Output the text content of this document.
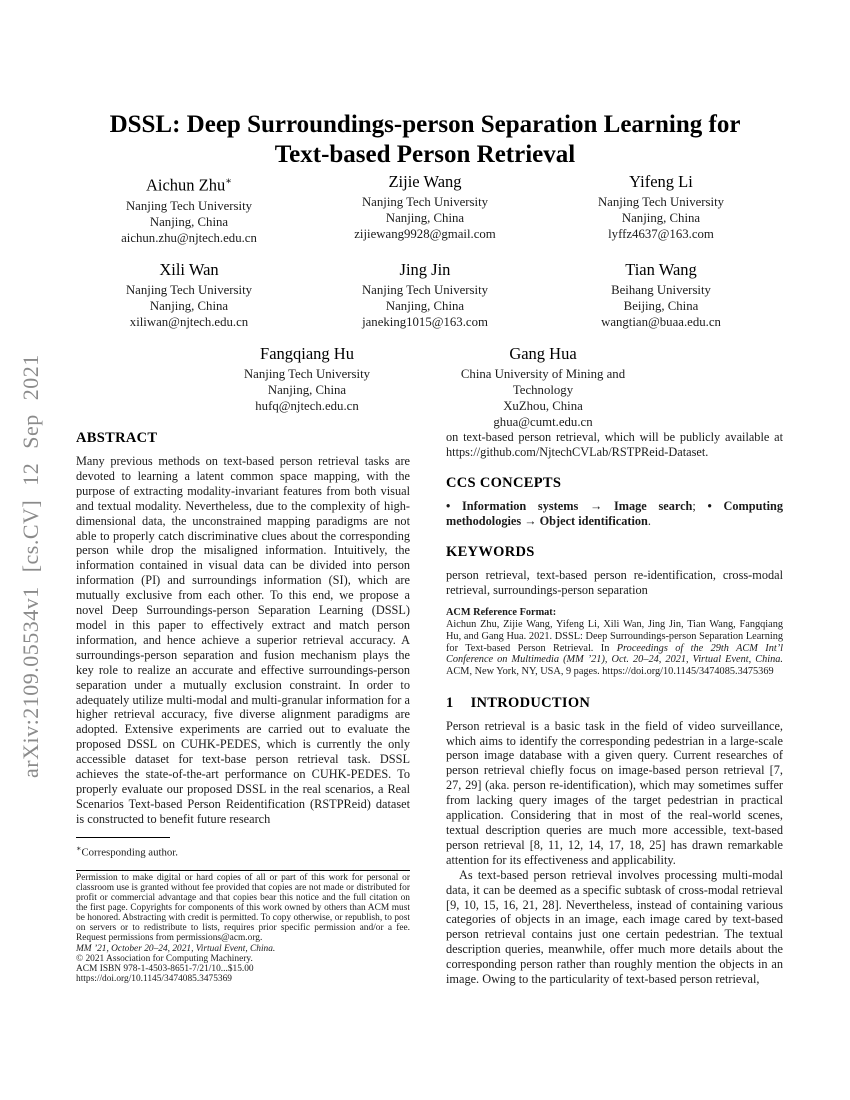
arXiv:2109.05534v1 [cs.CV] 12 Sep 2021
DSSL: Deep Surroundings-person Separation Learning for
Text-based Person Retrieval
Aichun Zhu∗
Nanjing Tech University
Nanjing, China
aichun.zhu@njtech.edu.cn
Zijie Wang
Nanjing Tech University
Nanjing, China
zijiewang9928@gmail.com
Yifeng Li
Nanjing Tech University
Nanjing, China
lyffz4637@163.com
Xili Wan
Nanjing Tech University
Nanjing, China
xiliwan@njtech.edu.cn
Jing Jin
Nanjing Tech University
Nanjing, China
janeking1015@163.com
Tian Wang
Beihang University
Beijing, China
wangtian@buaa.edu.cn
Fangqiang Hu
Nanjing Tech University
Nanjing, China
hufq@njtech.edu.cn
Gang Hua
China University of Mining and Technology
XuZhou, China
ghua@cumt.edu.cn
ABSTRACT

Many previous methods on text-based person retrieval tasks are devoted to learning a latent common space mapping, with the purpose of extracting modality-invariant features from both visual and textual modality. Nevertheless, due to the complexity of high-dimensional data, the unconstrained mapping paradigms are not able to properly catch discriminative clues about the corresponding person while drop the misaligned information. Intuitively, the information contained in visual data can be divided into person information (PI) and surroundings information (SI), which are mutually exclusive from each other. To this end, we propose a novel Deep Surroundings-person Separation Learning (DSSL) model in this paper to effectively extract and match person information, and hence achieve a superior retrieval accuracy. A surroundings-person separation and fusion mechanism plays the key role to realize an accurate and effective surroundings-person separation under a mutually exclusion constraint. In order to adequately utilize multi-modal and multi-granular information for a higher retrieval accuracy, five diverse alignment paradigms are adopted. Extensive experiments are carried out to evaluate the proposed DSSL on CUHK-PEDES, which is currently the only accessible dataset for text-base person retrieval task. DSSL achieves the state-of-the-art performance on CUHK-PEDES. To properly evaluate our proposed DSSL in the real scenarios, a Real Scenarios Text-based Person Reidentification (RSTPReid) dataset is constructed to benefit future research

∗Corresponding author.

Permission to make digital or hard copies of all or part of this work for personal or classroom use is granted without fee provided that copies are not made or distributed for profit or commercial advantage and that copies bear this notice and the full citation on the first page. Copyrights for components of this work owned by others than ACM must be honored. Abstracting with credit is permitted. To copy otherwise, or republish, to post on servers or to redistribute to lists, requires prior specific permission and/or a fee. Request permissions from permissions@acm.org.

MM ’21, October 20–24, 2021, Virtual Event, China.

© 2021 Association for Computing Machinery.

ACM ISBN 978-1-4503-8651-7/21/10...$15.00

https://doi.org/10.1145/3474085.3475369

on text-based person retrieval, which will be publicly available at https://github.com/NjtechCVLab/RSTPReid-Dataset.

CCS CONCEPTS

• Information systems → Image search; • Computing methodologies → Object identification.

KEYWORDS

person retrieval, text-based person re-identification, cross-modal retrieval, surroundings-person separation

ACM Reference Format:

Aichun Zhu, Zijie Wang, Yifeng Li, Xili Wan, Jing Jin, Tian Wang, Fangqiang Hu, and Gang Hua. 2021. DSSL: Deep Surroundings-person Separation Learning for Text-based Person Retrieval. In Proceedings of the 29th ACM Int’l Conference on Multimedia (MM ’21), Oct. 20–24, 2021, Virtual Event, China. ACM, New York, NY, USA, 9 pages. https://doi.org/10.1145/3474085.3475369

1 INTRODUCTION

Person retrieval is a basic task in the field of video surveillance, which aims to identify the corresponding pedestrian in a large-scale person image database with a given query. Current researches of person retrieval chiefly focus on image-based person retrieval [7, 27, 29] (aka. person re-identification), which may sometimes suffer from lacking query images of the target pedestrian in practical application. Considering that in most of the real-world scenes, textual description queries are much more accessible, text-based person retrieval [8, 11, 12, 14, 17, 18, 25] has drawn remarkable attention for its effectiveness and applicability.

As text-based person retrieval involves processing multi-modal data, it can be deemed as a specific subtask of cross-modal retrieval [9, 10, 15, 16, 21, 28]. Nevertheless, instead of containing various categories of objects in an image, each image cared by text-based person retrieval contains just one certain pedestrian. The textual description queries, meanwhile, offer much more details about the corresponding person rather than roughly mention the objects in an image. Owing to the particularity of text-based person retrieval,
